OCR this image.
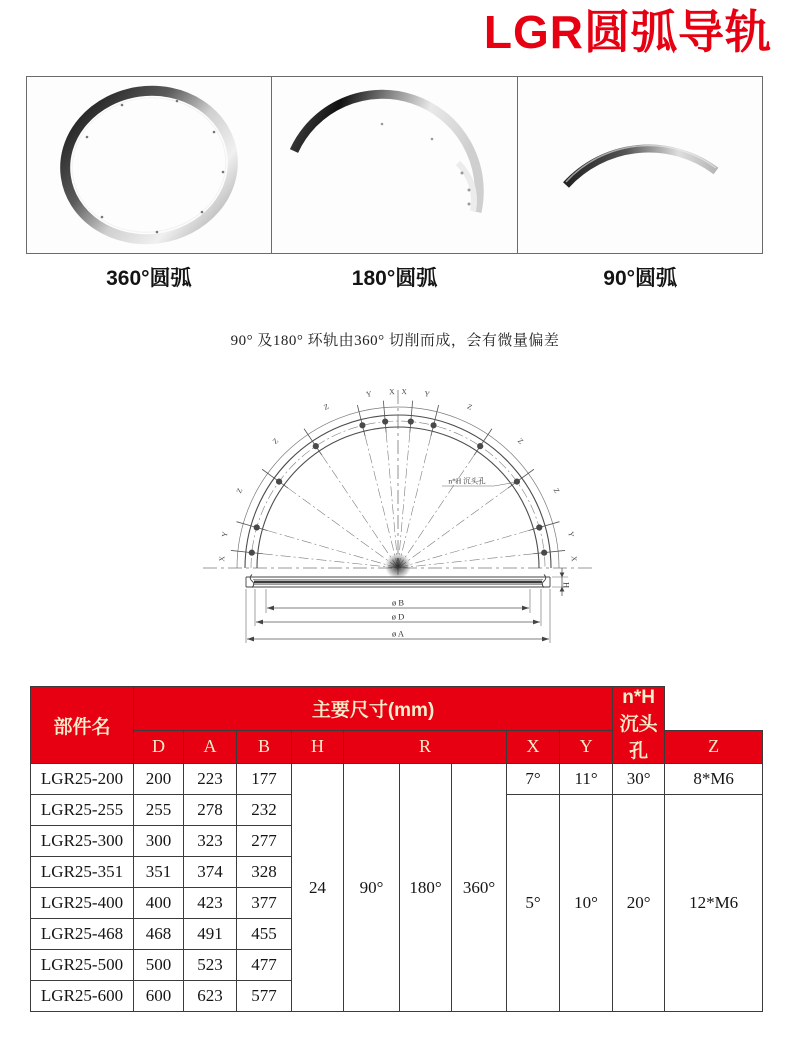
LGR圆弧导轨
360°圆弧	180°圆弧	90°圆弧
90° 及180° 环轨由360° 切削而成，会有微量偏差
X
Y
Z
Z
Z
Y
X
X
Y
Z
Z
Z
Y
X
n*H 沉头孔
ø B
ø D
ø A
H
部件名	主要尺寸(mm)									n*H沉头孔	
	D	A	B	H	R			X	Y		Z
LGR25-200	200	223	177	24	90°	180°	360°	7°	11°	30°	8*M6
LGR25-255	255	278	232					5°	10°	20°	12*M6
LGR25-300	300	323	277								
LGR25-351	351	374	328								
LGR25-400	400	423	377								
LGR25-468	468	491	455								
LGR25-500	500	523	477								
LGR25-600	600	623	577								
